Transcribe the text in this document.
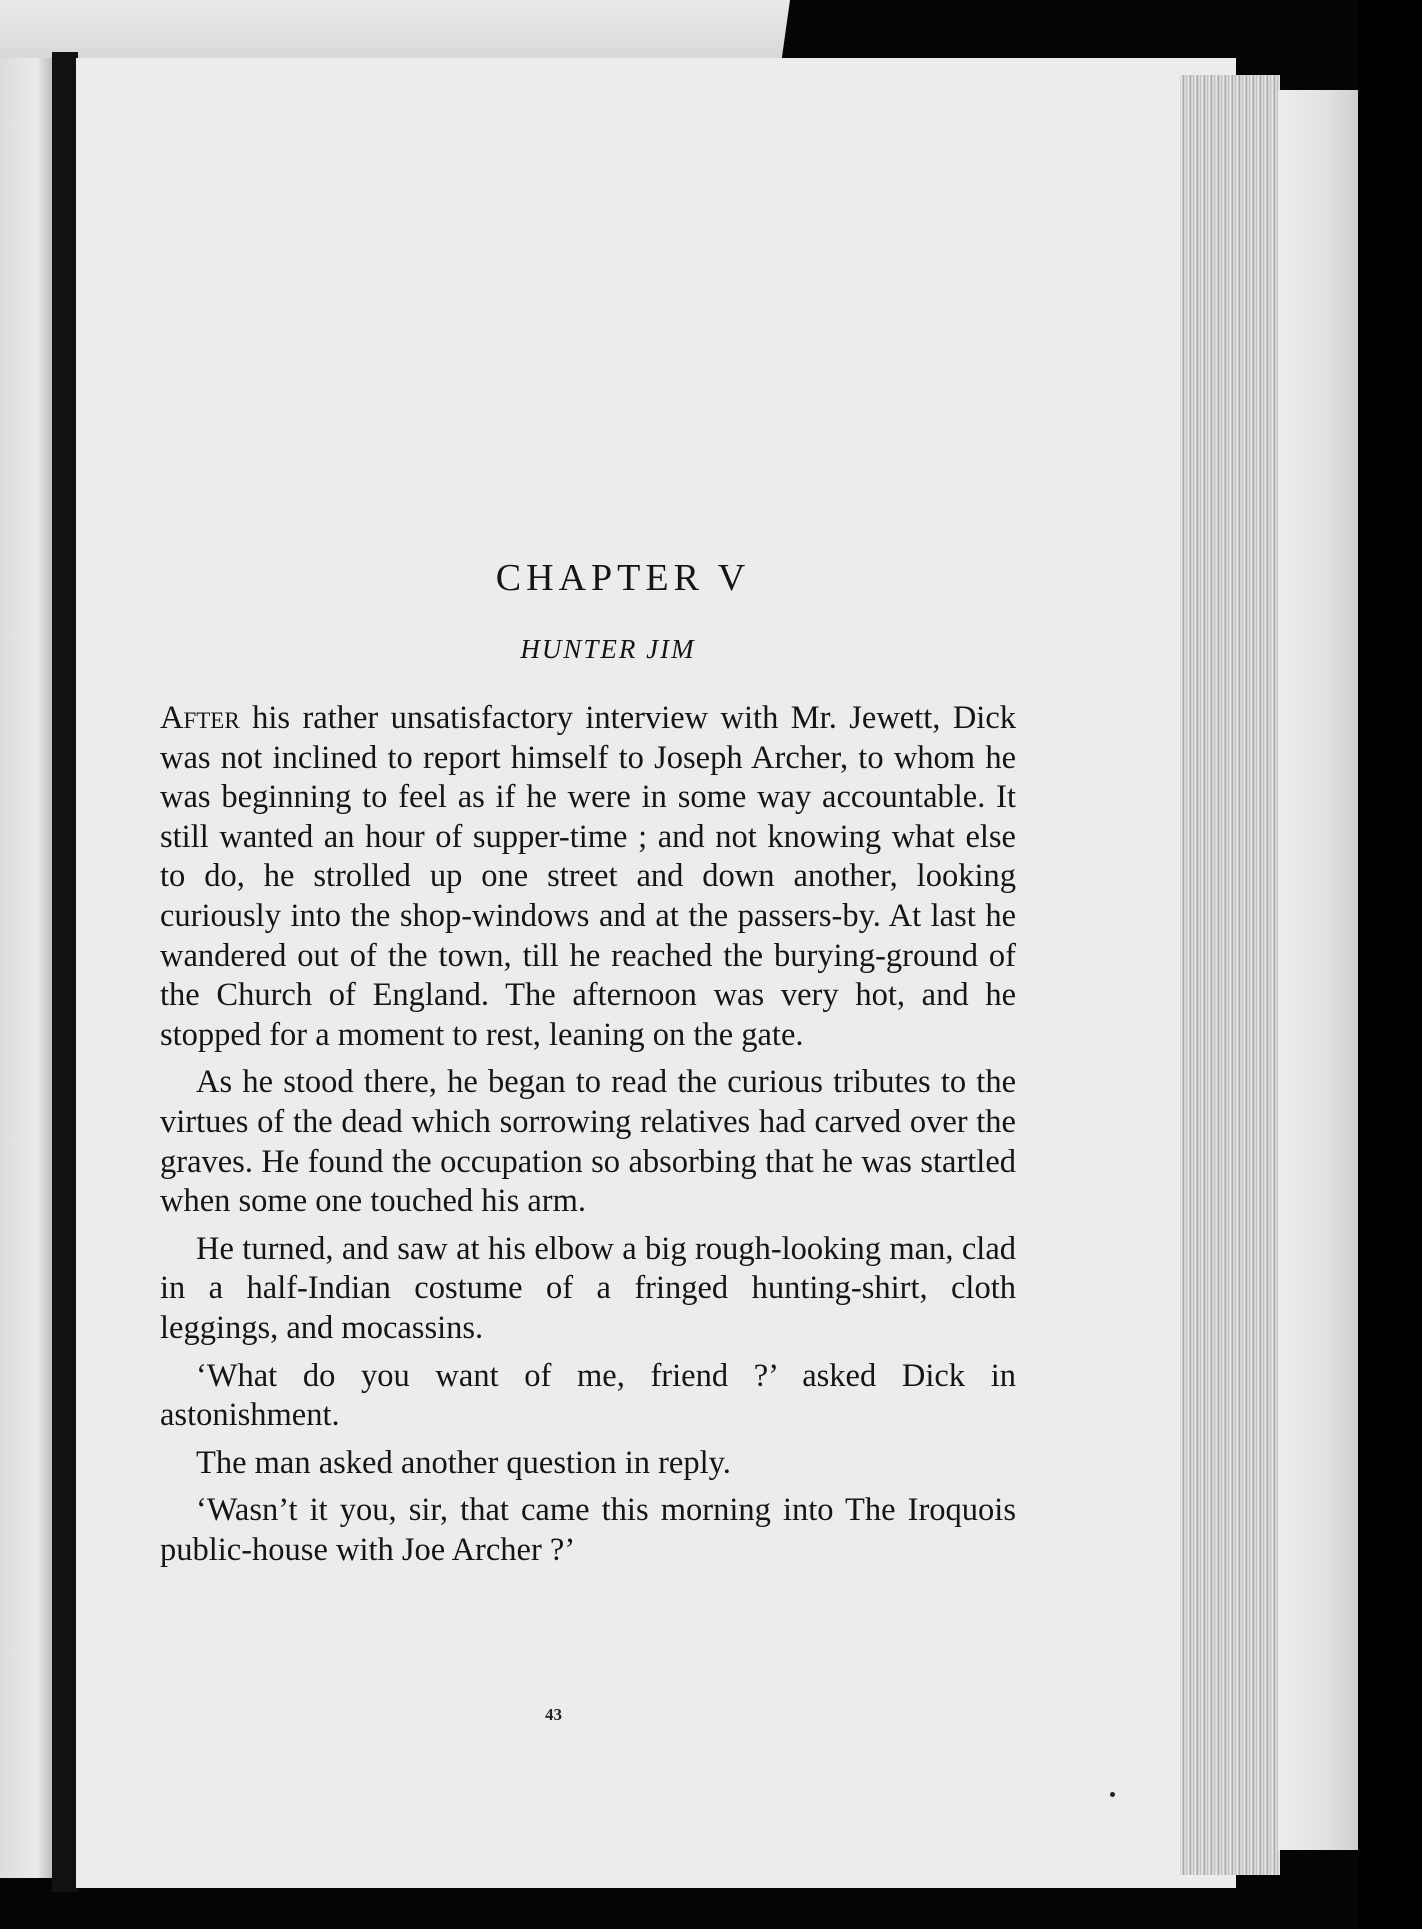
CHAPTER V
HUNTER JIM

After his rather unsatisfactory interview with Mr. Jewett, Dick was not inclined to report himself to Joseph Archer, to whom he was beginning to feel as if he were in some way accountable. It still wanted an hour of supper-time ; and not knowing what else to do, he strolled up one street and down another, looking curiously into the shop-windows and at the passers-by. At last he wandered out of the town, till he reached the burying-ground of the Church of England. The afternoon was very hot, and he stopped for a moment to rest, leaning on the gate.

As he stood there, he began to read the curious tributes to the virtues of the dead which sorrowing relatives had carved over the graves. He found the occupation so absorbing that he was startled when some one touched his arm.

He turned, and saw at his elbow a big rough-looking man, clad in a half-Indian costume of a fringed hunting-shirt, cloth leggings, and mocassins.

‘What do you want of me, friend ?’ asked Dick in astonishment.

The man asked another question in reply.

‘Wasn’t it you, sir, that came this morning into The Iroquois public-house with Joe Archer ?’

43
